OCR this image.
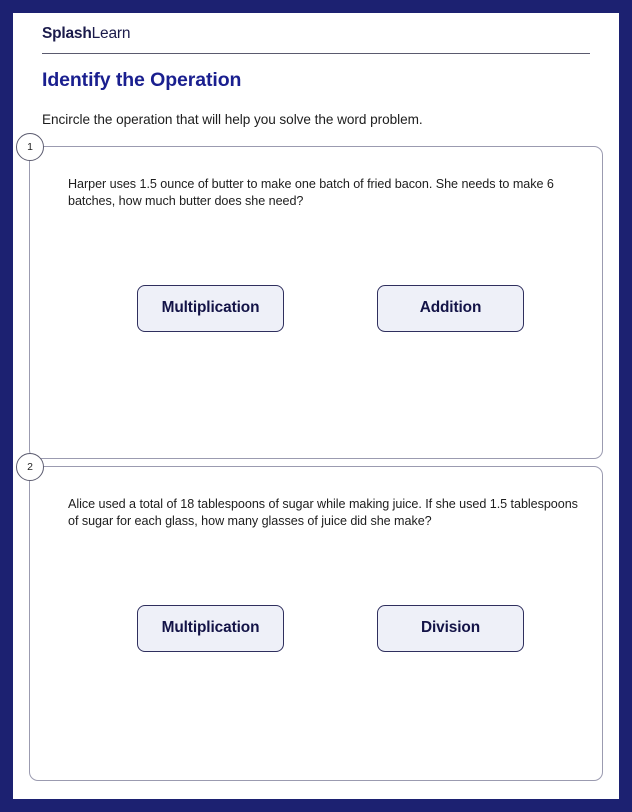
SplashLearn
Identify the Operation
Encircle the operation that will help you solve the word problem.
1
Harper uses 1.5 ounce of butter to make one batch of fried bacon. She needs to make 6 batches, how much butter does she need?
Multiplication	Addition
2
Alice used a total of 18 tablespoons of sugar while making juice. If she used 1.5 tablespoons of sugar for each glass, how many glasses of juice did she make?
Multiplication	Division
